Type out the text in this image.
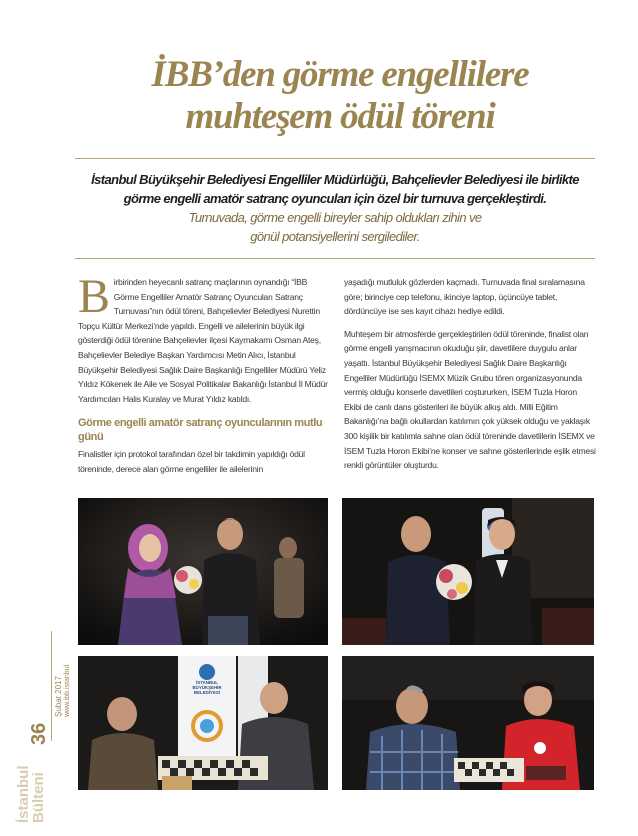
İBB’den görme engellilere
muhteşem ödül töreni
İstanbul Büyükşehir Belediyesi Engelliler Müdürlüğü, Bahçelievler Belediyesi ile birlikte
görme engelli amatör satranç oyuncuları için özel bir turnuva gerçekleştirdi.
Turnuvada, görme engelli bireyler sahip oldukları zihin ve
gönül potansiyellerini sergilediler.

Birbirinden heyecanlı satranç maçlarının oynandığı “İBB Görme Engelliler Amatör Satranç Oyuncuları Satranç Turnuvası”nın ödül töreni, Bahçelievler Belediyesi Nurettin Topçu Kültür Merkezi’nde yapıldı. Engelli ve ailelerinin büyük ilgi gösterdiği ödül törenine Bahçelievler ilçesi Kaymakamı Osman Ateş, Bahçelievler Belediye Başkan Yardımcısı Metin Alıcı, İstanbul Büyükşehir Belediyesi Sağlık Daire Başkanlığı Engelliler Müdürü Yeliz Yıldız Kökenek ile Aile ve Sosyal Politikalar Bakanlığı İstanbul İl Müdür Yardımcıları Halis Kuralay ve Murat Yıldız katıldı.

Görme engelli amatör satranç oyuncularının mutlu günü

Finalistler için protokol tarafından özel bir takdimin yapıldığı ödül töreninde, derece alan görme engelliler ile ailelerinin

yaşadığı mutluluk gözlerden kaçmadı. Turnuvada final sıralamasına göre; birinciye cep telefonu, ikinciye laptop, üçüncüye tablet, dördüncüye ise ses kayıt cihazı hediye edildi.

Muhteşem bir atmosferde gerçekleştirilen ödül töreninde, finalist olan görme engelli yarışmacının okuduğu şiir, davetlilere duygulu anlar yaşattı. İstanbul Büyükşehir Belediyesi Sağlık Daire Başkanlığı Engelliler Müdürlüğü İSEMX Müzik Grubu tören organizasyonunda vermiş olduğu konserle davetlileri coştururken, İSEM Tuzla Horon Ekibi de canlı dans gösterileri ile büyük alkış aldı. Milli Eğitim Bakanlığı’na bağlı okullardan katılımın çok yüksek olduğu ve yaklaşık 300 kişilik bir katılımla sahne olan ödül töreninde davetlilerin İSEMX ve İSEM Tuzla Horon Ekibi’ne konser ve sahne gösterilerinde eşlik etmesi renkli görüntüler oluşturdu.

İSTANBUL
BÜYÜKŞEHİR
BELEDİYESİ
İstanbul
Bülteni
36
Şubat 2017 www.ibb.istanbul
